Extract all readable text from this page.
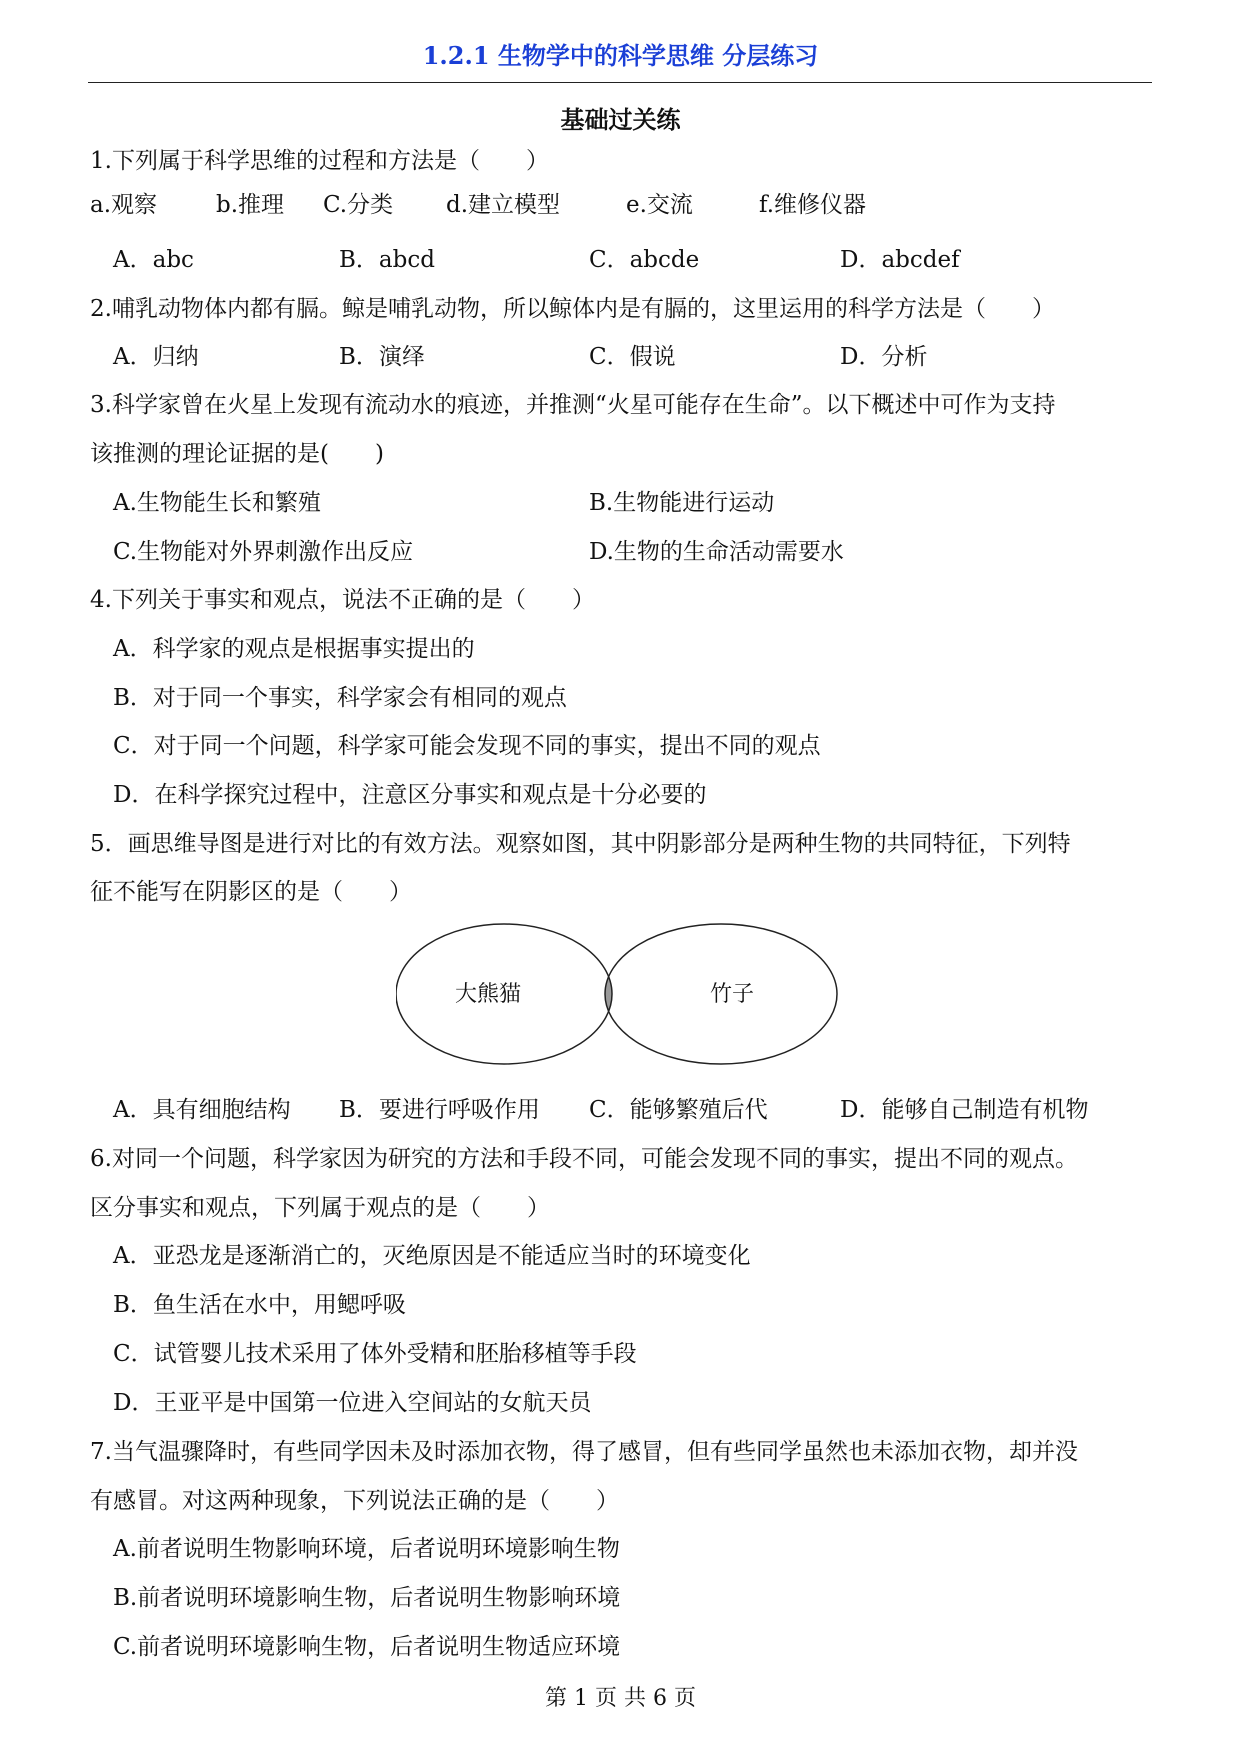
1.2.1 生物学中的科学思维 分层练习
基础过关练
1.下列属于科学思维的过程和方法是（　　）
a.观察	b.推理 C.分类 d.建立模型	e.交流	f.维修仪器
A．abc	B．abcd	C．abcde	D．abcdef
2.哺乳动物体内都有膈。鲸是哺乳动物，所以鲸体内是有膈的，这里运用的科学方法是（　　）
A．归纳	B．演绎	C．假说	D．分析
3.科学家曾在火星上发现有流动水的痕迹，并推测“火星可能存在生命”。以下概述中可作为支持
该推测的理论证据的是(　　)
A.生物能生长和繁殖	B.生物能进行运动
C.生物能对外界刺激作出反应	D.生物的生命活动需要水
4.下列关于事实和观点，说法不正确的是（　　）
A．科学家的观点是根据事实提出的
B．对于同一个事实，科学家会有相同的观点
C．对于同一个问题，科学家可能会发现不同的事实，提出不同的观点
D．在科学探究过程中，注意区分事实和观点是十分必要的
5．画思维导图是进行对比的有效方法。观察如图，其中阴影部分是两种生物的共同特征，下列特
征不能写在阴影区的是（　　）
大熊猫	竹子
A．具有细胞结构 B．要进行呼吸作用 C．能够繁殖后代	D．能够自己制造有机物
6.对同一个问题，科学家因为研究的方法和手段不同，可能会发现不同的事实，提出不同的观点。
区分事实和观点，下列属于观点的是（　　）
A．亚恐龙是逐渐消亡的，灭绝原因是不能适应当时的环境变化
B．鱼生活在水中，用鳃呼吸
C．试管婴儿技术采用了体外受精和胚胎移植等手段
D．王亚平是中国第一位进入空间站的女航天员
7.当气温骤降时，有些同学因未及时添加衣物，得了感冒，但有些同学虽然也未添加衣物，却并没
有感冒。对这两种现象，下列说法正确的是（　　）
A.前者说明生物影响环境，后者说明环境影响生物
B.前者说明环境影响生物，后者说明生物影响环境
C.前者说明环境影响生物，后者说明生物适应环境
第 1 页 共 6 页
